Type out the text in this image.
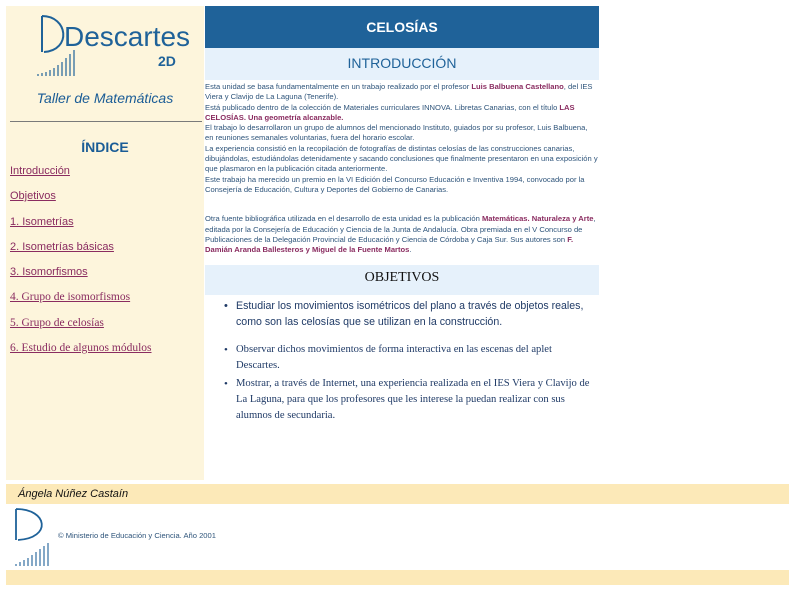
Descartes
2D
Taller de Matemáticas
ÍNDICE
Introducción
Objetivos
1. Isometrías
2. Isometrías básicas
3. Isomorfismos
4. Grupo de isomorfismos
5. Grupo de celosías
6. Estudio de algunos módulos
CELOSÍAS
INTRODUCCIÓN

Esta unidad se basa fundamentalmente en un trabajo realizado por el profesor Luis Balbuena Castellano, del IES Viera y Clavijo de La Laguna (Tenerife).

Está publicado dentro de la colección de Materiales curriculares INNOVA. Libretas Canarias, con el título LAS CELOSÍAS. Una geometría alcanzable.

El trabajo lo desarrollaron un grupo de alumnos del mencionado Instituto, guiados por su profesor, Luis Balbuena, en reuniones semanales voluntarias, fuera del horario escolar.

La experiencia consistió en la recopilación de fotografías de distintas celosías de las construcciones canarias, dibujándolas, estudiándolas detenidamente y sacando conclusiones que finalmente presentaron en una exposición y que plasmaron en la publicación citada anteriormente.

Este trabajo ha merecido un premio en la VI Edición del Concurso Educación e Inventiva 1994, convocado por la Consejería de Educación, Cultura y Deportes del Gobierno de Canarias.

Otra fuente bibliográfica utilizada en el desarrollo de esta unidad es la publicación Matemáticas. Naturaleza y Arte, editada por la Consejería de Educación y Ciencia de la Junta de Andalucía. Obra premiada en el V Concurso de Publicaciones de la Delegación Provincial de Educación y Ciencia de Córdoba y Caja Sur. Sus autores son F. Damián Aranda Ballesteros y Miguel de la Fuente Martos.

OBJETIVOS
• Estudiar los movimientos isométricos del plano a través de objetos reales, como son las celosías que se utilizan en la construcción.
• Observar dichos movimientos de forma interactiva en las escenas del aplet Descartes.
• Mostrar, a través de Internet, una experiencia realizada en el IES Viera y Clavijo de La Laguna, para que los profesores que les interese la puedan realizar con sus alumnos de secundaria.
Ángela Núñez Castaín
© Ministerio de Educación y Ciencia. Año 2001
